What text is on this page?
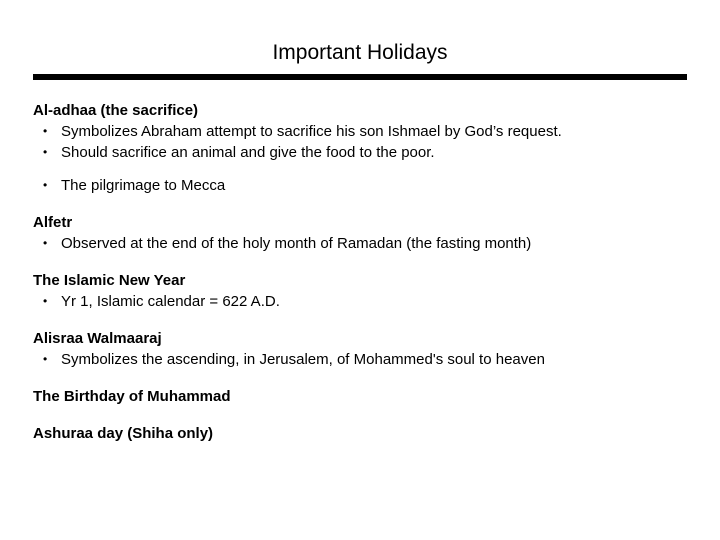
Important Holidays
Al-adhaa (the sacrifice)
• Symbolizes Abraham attempt to sacrifice his son Ishmael by God’s request.
• Should sacrifice an animal and give the food to the poor.
• The pilgrimage to Mecca
Alfetr
• Observed at the end of the holy month of Ramadan (the fasting month)
The Islamic New Year
• Yr 1, Islamic calendar = 622 A.D.
Alisraa Walmaaraj
• Symbolizes the ascending, in Jerusalem, of Mohammed's soul to heaven
The Birthday of Muhammad
Ashuraa day (Shiha only)
